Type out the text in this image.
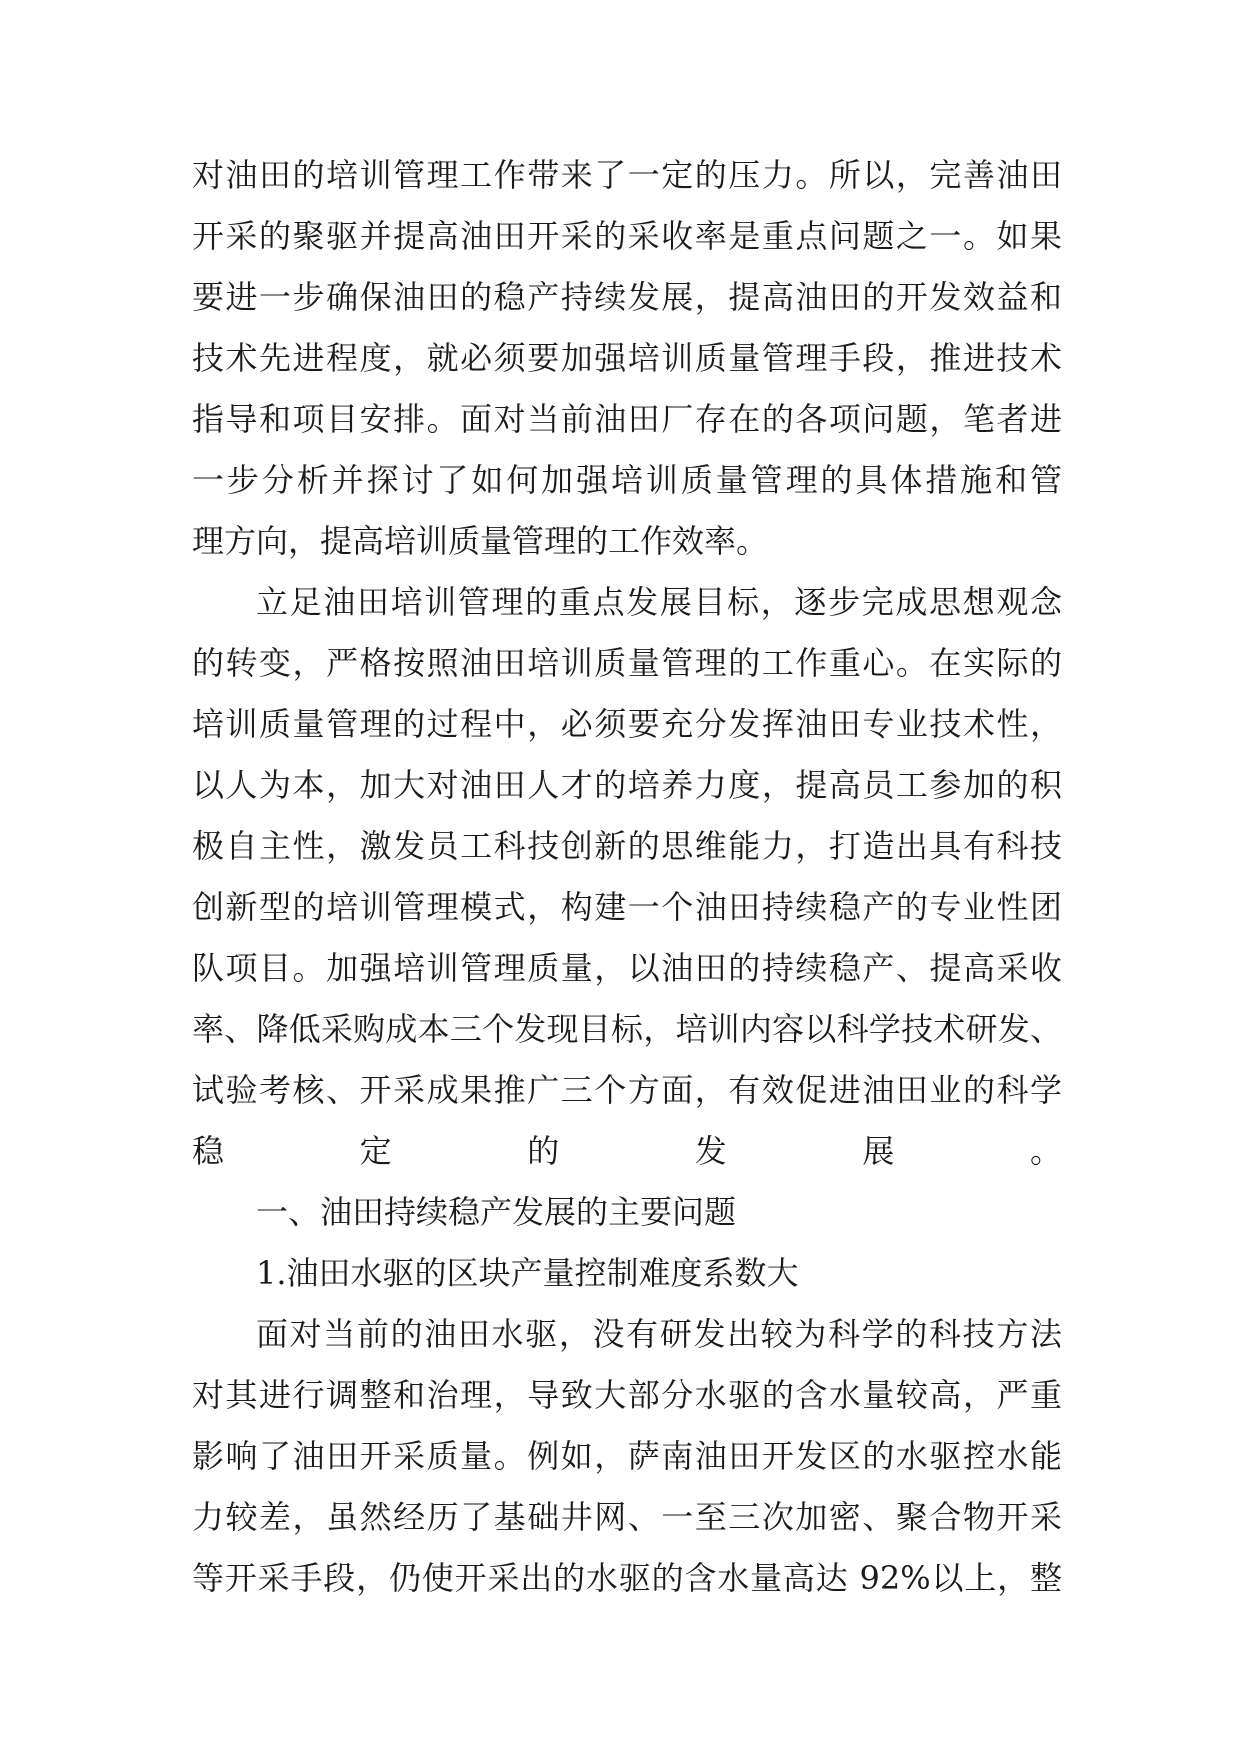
对油田的培训管理工作带来了一定的压力。所以，完善油田
开采的聚驱并提高油田开采的采收率是重点问题之一。如果
要进一步确保油田的稳产持续发展，提高油田的开发效益和
技术先进程度，就必须要加强培训质量管理手段，推进技术
指导和项目安排。面对当前油田厂存在的各项问题，笔者进
一步分析并探讨了如何加强培训质量管理的具体措施和管
理方向，提高培训质量管理的工作效率。
立足油田培训管理的重点发展目标，逐步完成思想观念
的转变，严格按照油田培训质量管理的工作重心。在实际的
培训质量管理的过程中，必须要充分发挥油田专业技术性，
以人为本，加大对油田人才的培养力度，提高员工参加的积
极自主性，激发员工科技创新的思维能力，打造出具有科技
创新型的培训管理模式，构建一个油田持续稳产的专业性团
队项目。加强培训管理质量，以油田的持续稳产、提高采收
率、降低采购成本三个发现目标，培训内容以科学技术研发、
试验考核、开采成果推广三个方面，有效促进油田业的科学
稳定的发展。
一、油田持续稳产发展的主要问题
1.油田水驱的区块产量控制难度系数大
面对当前的油田水驱，没有研发出较为科学的科技方法
对其进行调整和治理，导致大部分水驱的含水量较高，严重
影响了油田开采质量。例如，萨南油田开发区的水驱控水能
力较差，虽然经历了基础井网、一至三次加密、聚合物开采
等开采手段，仍使开采出的水驱的含水量高达 92%以上，整
